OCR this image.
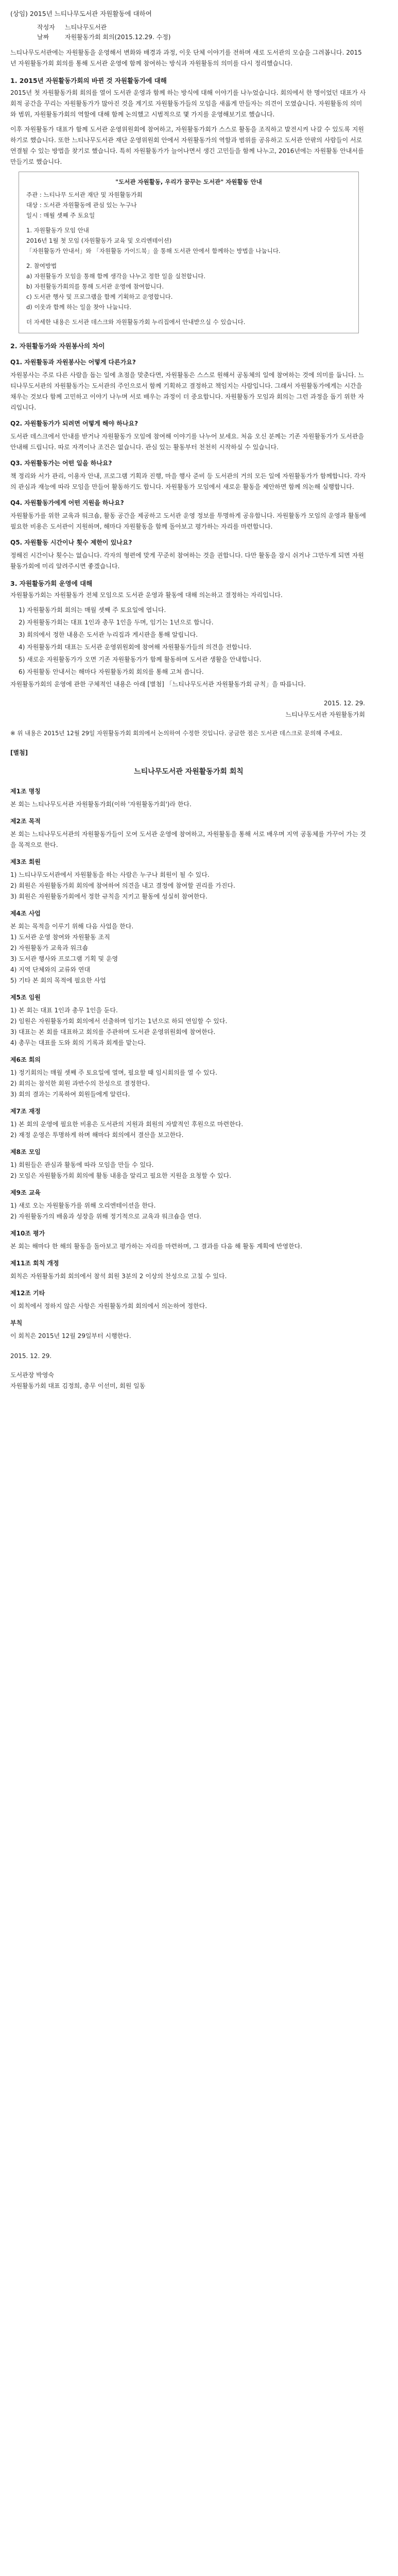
(상임) 2015년 느티나무도서관 자원활동에 대하여
작성자	느티나무도서관
날짜	자원활동가회 회의(2015.12.29. 수정)
느티나무도서관에는 자원활동을 운영해서 변화와 배경과 과정, 이웃 단체 이야기를 전하며 새로 도서관의 모습을 그려봅니다. 2015년 자원활동가회 회의를 통해 도서관 운영에 함께 참여하는 방식과 자원활동의 의미를 다시 정리했습니다.
1. 2015년 자원활동가회의 바뀐 것 자원활동가에 대해
2015년 첫 자원활동가회 회의를 열어 도서관 운영과 함께 하는 방식에 대해 이야기를 나누었습니다. 회의에서 한 명이었던 대표가 사회적 공간을 꾸리는 자원활동가가 많아진 것을 계기로 자원활동가들의 모임을 새롭게 만들자는 의견이 모였습니다. 자원활동의 의미와 범위, 자원활동가회의 역할에 대해 함께 논의했고 시범적으로 몇 가지를 운영해보기로 했습니다.
이후 자원활동가 대표가 함께 도서관 운영위원회에 참여하고, 자원활동가회가 스스로 활동을 조직하고 발전시켜 나갈 수 있도록 지원하기로 했습니다. 또한 느티나무도서관 재단 운영위원회 안에서 자원활동가의 역할과 범위를 공유하고 도서관 안팎의 사람들이 서로 연결될 수 있는 방법을 찾기로 했습니다. 특히 자원활동가가 늘어나면서 생긴 고민들을 함께 나누고, 2016년에는 자원활동 안내서를 만들기로 했습니다.
"도서관 자원활동, 우리가 꿈꾸는 도서관" 자원활동 안내
주관 : 느티나무 도서관 재단 및 자원활동가회
대상 : 도서관 자원활동에 관심 있는 누구나
일시 : 매월 셋째 주 토요일
1. 자원활동가 모임 안내
2016년 1월 첫 모임 (자원활동가 교육 및 오리엔테이션)
「자원활동가 안내서」와 「자원활동 가이드북」을 통해 도서관 안에서 함께하는 방법을 나눕니다.
2. 참여방법
a) 자원활동가 모임을 통해 함께 생각을 나누고 정한 일을 실천합니다.
b) 자원활동가회의를 통해 도서관 운영에 참여합니다.
c) 도서관 행사 및 프로그램을 함께 기획하고 운영합니다.
d) 이웃과 함께 하는 일을 찾아 나눕니다.
더 자세한 내용은 도서관 데스크와 자원활동가회 누리집에서 안내받으실 수 있습니다.
2. 자원활동가와 자원봉사의 차이
Q1. 자원활동과 자원봉사는 어떻게 다른가요?
자원봉사는 주로 다른 사람을 돕는 일에 초점을 맞춘다면, 자원활동은 스스로 원해서 공동체의 일에 참여하는 것에 의미를 둡니다. 느티나무도서관의 자원활동가는 도서관의 주인으로서 함께 기획하고 결정하고 책임지는 사람입니다. 그래서 자원활동가에게는 시간을 채우는 것보다 함께 고민하고 이야기 나누며 서로 배우는 과정이 더 중요합니다. 자원활동가 모임과 회의는 그런 과정을 돕기 위한 자리입니다.
Q2. 자원활동가가 되려면 어떻게 해야 하나요?
도서관 데스크에서 안내를 받거나 자원활동가 모임에 참여해 이야기를 나누어 보세요. 처음 오신 분께는 기존 자원활동가가 도서관을 안내해 드립니다. 따로 자격이나 조건은 없습니다. 관심 있는 활동부터 천천히 시작하실 수 있습니다.
Q3. 자원활동가는 어떤 일을 하나요?
책 정리와 서가 관리, 이용자 안내, 프로그램 기획과 진행, 마을 행사 준비 등 도서관의 거의 모든 일에 자원활동가가 함께합니다. 각자의 관심과 재능에 따라 모임을 만들어 활동하기도 합니다. 자원활동가 모임에서 새로운 활동을 제안하면 함께 의논해 실행합니다.
Q4. 자원활동가에게 어떤 지원을 하나요?
자원활동가를 위한 교육과 워크숍, 활동 공간을 제공하고 도서관 운영 정보를 투명하게 공유합니다. 자원활동가 모임의 운영과 활동에 필요한 비용은 도서관이 지원하며, 해마다 자원활동을 함께 돌아보고 평가하는 자리를 마련합니다.
Q5. 자원활동 시간이나 횟수 제한이 있나요?
정해진 시간이나 횟수는 없습니다. 각자의 형편에 맞게 꾸준히 참여하는 것을 권합니다. 다만 활동을 잠시 쉬거나 그만두게 되면 자원활동가회에 미리 알려주시면 좋겠습니다.
3. 자원활동가회 운영에 대해
자원활동가회는 자원활동가 전체 모임으로 도서관 운영과 활동에 대해 의논하고 결정하는 자리입니다.
1) 자원활동가회 회의는 매월 셋째 주 토요일에 엽니다.
2) 자원활동가회는 대표 1인과 총무 1인을 두며, 임기는 1년으로 합니다.
3) 회의에서 정한 내용은 도서관 누리집과 게시판을 통해 알립니다.
4) 자원활동가회 대표는 도서관 운영위원회에 참여해 자원활동가들의 의견을 전합니다.
5) 새로운 자원활동가가 오면 기존 자원활동가가 함께 활동하며 도서관 생활을 안내합니다.
6) 자원활동 안내서는 해마다 자원활동가회 회의를 통해 고쳐 씁니다.
자원활동가회의 운영에 관한 구체적인 내용은 아래 [별첨] 「느티나무도서관 자원활동가회 규칙」을 따릅니다.
2015. 12. 29.
느티나무도서관 자원활동가회
※ 위 내용은 2015년 12월 29일 자원활동가회 회의에서 논의하여 수정한 것입니다. 궁금한 점은 도서관 데스크로 문의해 주세요.
[별첨]
느티나무도서관 자원활동가회 회칙
제1조 명칭
본 회는 느티나무도서관 자원활동가회(이하 '자원활동가회')라 한다.
제2조 목적
본 회는 느티나무도서관의 자원활동가들이 모여 도서관 운영에 참여하고, 자원활동을 통해 서로 배우며 지역 공동체를 가꾸어 가는 것을 목적으로 한다.
제3조 회원
1) 느티나무도서관에서 자원활동을 하는 사람은 누구나 회원이 될 수 있다.
2) 회원은 자원활동가회 회의에 참여하여 의견을 내고 결정에 참여할 권리를 가진다.
3) 회원은 자원활동가회에서 정한 규칙을 지키고 활동에 성실히 참여한다.
제4조 사업
본 회는 목적을 이루기 위해 다음 사업을 한다.
1) 도서관 운영 참여와 자원활동 조직
2) 자원활동가 교육과 워크숍
3) 도서관 행사와 프로그램 기획 및 운영
4) 지역 단체와의 교류와 연대
5) 기타 본 회의 목적에 필요한 사업
제5조 임원
1) 본 회는 대표 1인과 총무 1인을 둔다.
2) 임원은 자원활동가회 회의에서 선출하며 임기는 1년으로 하되 연임할 수 있다.
3) 대표는 본 회를 대표하고 회의를 주관하며 도서관 운영위원회에 참여한다.
4) 총무는 대표를 도와 회의 기록과 회계를 맡는다.
제6조 회의
1) 정기회의는 매월 셋째 주 토요일에 열며, 필요할 때 임시회의를 열 수 있다.
2) 회의는 참석한 회원 과반수의 찬성으로 결정한다.
3) 회의 결과는 기록하여 회원들에게 알린다.
제7조 재정
1) 본 회의 운영에 필요한 비용은 도서관의 지원과 회원의 자발적인 후원으로 마련한다.
2) 재정 운영은 투명하게 하며 해마다 회의에서 결산을 보고한다.
제8조 모임
1) 회원들은 관심과 활동에 따라 모임을 만들 수 있다.
2) 모임은 자원활동가회 회의에 활동 내용을 알리고 필요한 지원을 요청할 수 있다.
제9조 교육
1) 새로 오는 자원활동가를 위해 오리엔테이션을 한다.
2) 자원활동가의 배움과 성장을 위해 정기적으로 교육과 워크숍을 연다.
제10조 평가
본 회는 해마다 한 해의 활동을 돌아보고 평가하는 자리를 마련하며, 그 결과를 다음 해 활동 계획에 반영한다.
제11조 회칙 개정
회칙은 자원활동가회 회의에서 참석 회원 3분의 2 이상의 찬성으로 고칠 수 있다.
제12조 기타
이 회칙에서 정하지 않은 사항은 자원활동가회 회의에서 의논하여 정한다.
부칙
이 회칙은 2015년 12월 29일부터 시행한다.
2015. 12. 29.
도서관장 박영숙
자원활동가회 대표 김정희, 총무 이선미, 회원 일동
